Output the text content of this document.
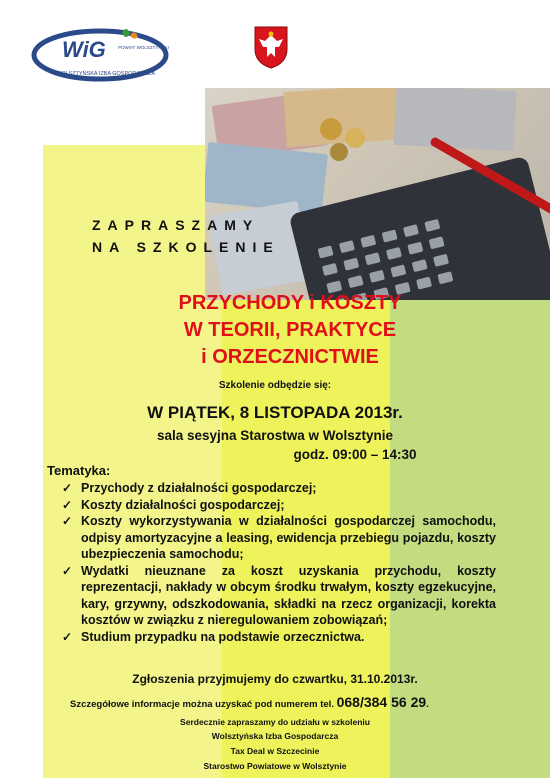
WiG	POWIAT WOLSZTYŃSKI
WOLSZTYŃSKA IZBA GOSPODARCZA
ZAPRASZAMY
NA SZKOLENIE
PRZYCHODY i KOSZTY
W TEORII, PRAKTYCE
i ORZECZNICTWIE
Szkolenie odbędzie się:
W PIĄTEK, 8 LISTOPADA 2013r.
sala sesyjna Starostwa w Wolsztynie
godz. 09:00 – 14:30
Tematyka:
✓ Przychody z działalności gospodarczej;
✓ Koszty działalności gospodarczej;
✓ Koszty wykorzystywania w działalności gospodarczej samochodu, odpisy amortyzacyjne a leasing, ewidencja przebiegu pojazdu, koszty ubezpieczenia samochodu;
✓ Wydatki nieuznane za koszt uzyskania przychodu, koszty reprezentacji, nakłady w obcym środku trwałym, koszty egzekucyjne, kary, grzywny, odszkodowania, składki na rzecz organizacji, korekta kosztów w związku z nieregulowaniem zobowiązań;
✓ Studium przypadku na podstawie orzecznictwa.
Zgłoszenia przyjmujemy do czwartku, 31.10.2013r.
Szczegółowe informacje można uzyskać pod numerem tel. 068/384 56 29.
Serdecznie zapraszamy do udziału w szkoleniu
Wolsztyńska Izba Gospodarcza
Tax Deal w Szczecinie
Starostwo Powiatowe w Wolsztynie
